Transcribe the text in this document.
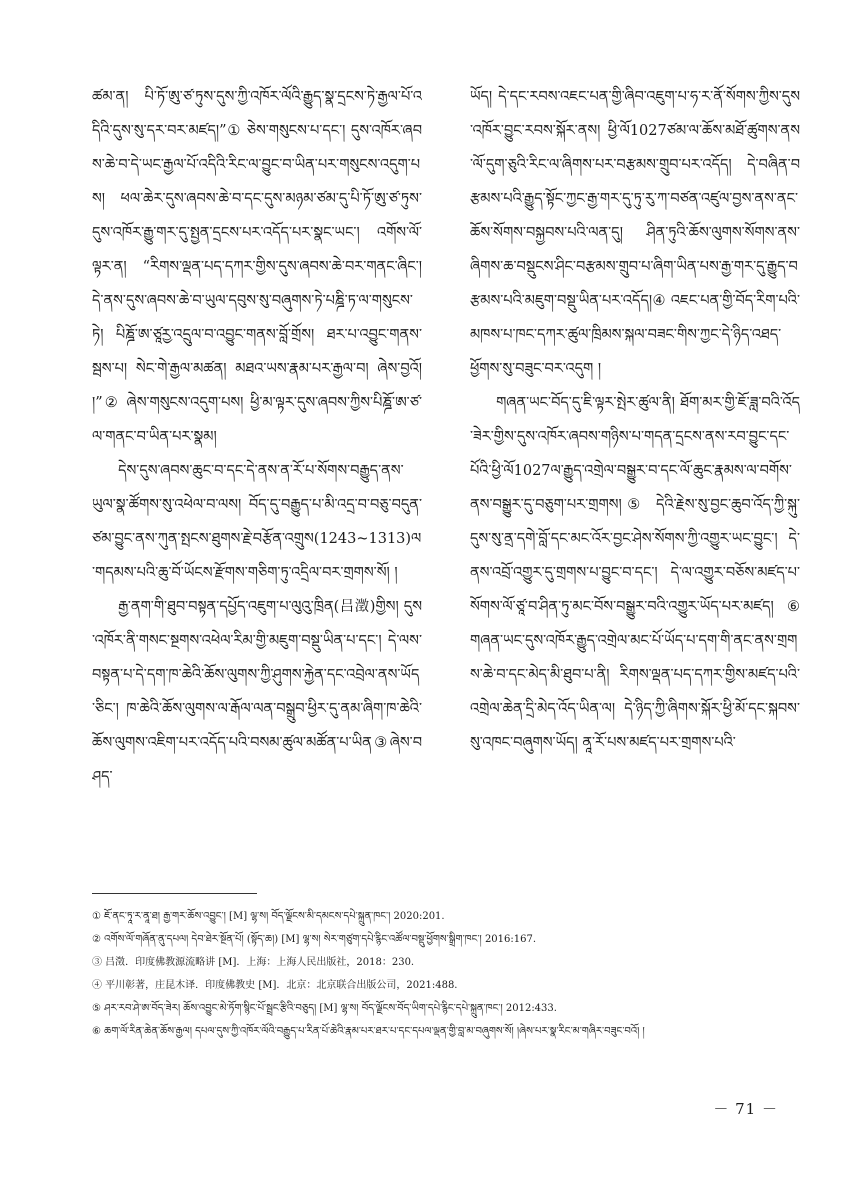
ཚམ་ན། པི་ཏོ་ཨུ་ཙ་ཏུས་དུས་ཀྱི་འཁོར་ལོའི་རྒྱུད་སྣ་དྲངས་ཏེ་རྒྱལ་པོ་འདིའི་དུས་སུ་དར་བར་མཛད།”① ཅེས་གསུངས་པ་དང་། དུས་འཁོར་ཞབས་ཆེ་བ་དེ་ཡང་རྒྱལ་པོ་འདིའི་རིང་ལ་བྱུང་བ་ཡིན་པར་གསུངས་འདུག་པས། ཕལ་ཆེར་དུས་ཞབས་ཆེ་བ་དང་དུས་མཉམ་ཙམ་དུ་པི་ཏོ་ཨུ་ཙ་ཏུས་དུས་འཁོར་རྒྱུ་གར་དུ་སྤྱན་དྲངས་པར་འདོད་པར་སྣང་ཡང་། འགོས་ལོ་ལྟར་ན། “རིགས་ལྡན་པད་དཀར་གྱིས་དུས་ཞབས་ཆེ་བར་གནང་ཞིང་། དེ་ནས་དུས་ཞབས་ཆེ་བ་ཡུལ་དབུས་སུ་བཞུགས་ཏེ་པཎྜི་ཏ་ལ་གསུངས་ཏེ། པིཎྜོ་ཨ་ཙཱཪྱ་འདྲུལ་བ་འབྱུང་གནས་བློ་གྲོས། ཐར་པ་འབྱུང་གནས་སྦས་པ། སེང་གེ་རྒྱལ་མཚན། མཐའ་ཡས་རྣམ་པར་རྒྱལ་བ། ཞེས་བྱའོ། །”② ཞེས་གསུངས་འདུག་པས། ཕྱི་མ་ལྟར་དུས་ཞབས་ཀྱིས་པིཎྜོ་ཨ་ཙ་ལ་གནང་བ་ཡིན་པར་སྣམ།

དེས་དུས་ཞབས་ཆུང་བ་དང་དེ་ནས་ན་རོ་པ་སོགས་བརྒྱུད་ནས་ཡུལ་སྣ་ཚོགས་སུ་འཕེལ་བ་ལས། བོད་དུ་བརྒྱུད་པ་མི་འདྲ་བ་བཅུ་བདུན་ཙམ་བྱུང་ནས་ཀུན་སྤངས་ཐུགས་རྗེ་བརྩོན་འགྲུས(1243~1313)ལ་གདམས་པའི་ཆུ་བོ་ཡོངས་རྫོགས་གཅིག་ཏུ་འདྲིལ་བར་གྲགས་སོ། །

རྒྱ་ནག་གི་ཐུབ་བསྟན་དཔྱོད་འཇུག་པ་ལུའུ་ཁྲིན(吕澂)གྱིས། དུས་འཁོར་ནི་གསང་སྔགས་འཕེལ་རིམ་གྱི་མཇུག་བསྡུ་ཡིན་པ་དང་། དེ་ལས་བསྟན་པ་དེ་དག་ཁ་ཆེའི་ཆོས་ལུགས་ཀྱི་ཤུགས་རྐྱེན་དང་འབྲེལ་ནས་ཡོད་ཅིང་། ཁ་ཆེའི་ཆོས་ལུགས་ལ་རྒོལ་ལན་བསྒྲུབ་ཕྱིར་དུ་ནམ་ཞིག་ཁ་ཆེའི་ཆོས་ལུགས་འཇིག་པར་འདོད་པའི་བསམ་ཚུལ་མཚོན་པ་ཡིན③ཞེས་བཤད་

ཡོད། དེ་དང་རབས་འཇང་པན་གྱི་ཞིབ་འཇུག་པ་ཧ་ར་ནོ་སོགས་ཀྱིས་དུས་འཁོར་བྱུང་རབས་སྐོར་ནས། ཕྱི་ལོ1027ཙམ་ལ་ཆོས་མཐོ་ཚུགས་ནས་ལོ་དུག་ཅུའི་རིང་ལ་ཞིགས་པར་བརྩམས་གྲུབ་པར་འདོད། དེ་བཞིན་བརྩམས་པའི་རྒྱུད་སྟོང་ཀྱང་རྒྱ་གར་དུ་ཏུ་རུ་ཀ་བཙན་འཛུལ་བྱས་ནས་ནང་ཆོས་སོགས་བསྐྱབས་པའི་ལན་དུ། ཤིན་ཏུའི་ཆོས་ལུགས་སོགས་ནས་ཞིགས་ཆ་བསྡུངས་ཤིང་བརྩམས་གྲུབ་པ་ཞིག་ཡིན་པས་རྒྱ་གར་དུ་རྒྱུད་བརྩམས་པའི་མཇུག་བསྡུ་ཡིན་པར་འདོད།④ འཇང་པན་གྱི་བོད་རིག་པའི་མཁས་པ་ཁང་དཀར་ཚུལ་ཁྲིམས་སྐལ་བཟང་གིས་ཀྱང་དེ་ཉིད་འཐད་ཕྱོགས་སུ་བཟུང་བར་འདུག །

གཞན་ཡང་བོད་དུ་ཇི་ལྟར་སྤེར་ཚུལ་ནི། ཐོག་མར་གྱི་ཇོ་ཟླ་བའི་འོད་ཟེར་གྱིས་དུས་འཁོར་ཞབས་གཉིས་པ་གདན་དྲངས་ནས་རབ་བྱུང་དང་པོའི་ཕྱི་ལོ1027ལ་རྒྱུད་འགྲེལ་བསྒྱུར་བ་དང་ལོ་ཆུང་རྣམས་ལ་བགོས་ནས་བསྒྱུར་དུ་བཅུག་པར་གྲགས།⑤ དེའི་རྗེས་སུ་བྱང་ཆུབ་འོད་ཀྱི་སྐུ་དུས་སུ་ནྲ་དགེ་བློ་དང་མང་འོར་བྱང་ཤེས་སོགས་ཀྱི་འགྱུར་ཡང་བྱུང་། དེ་ནས་འབྲོ་འགྱུར་དུ་གྲགས་པ་བྱུང་བ་དང་། དེ་ལ་འགྱུར་བཅོས་མཛད་པ་སོགས་ལོ་ཙཱ་བ་ཤིན་ཏུ་མང་བོས་བསྒྱུར་བའི་འགྱུར་ཡོད་པར་མཛད།⑥ གཞན་ཡང་དུས་འཁོར་རྒྱུད་འགྲེལ་མང་པོ་ཡོད་པ་དག་གི་ནང་ནས་གྲགས་ཆེ་བ་དང་མེད་མི་ཐུབ་པ་ནི། རིགས་ལྡན་པད་དཀར་གྱིས་མཛད་པའི་འགྲེལ་ཆེན་དྲི་མེད་འོད་ཡིན་ལ། དེ་ཉིད་ཀྱི་ཞིགས་སྐོར་ཕྱི་མོ་དང་སྐབས་སུ་འཁང་བཞུགས་ཡོད། ནཱ་རོ་པས་མཛད་པར་གྲགས་པའི་

① ཇོ་ནང་ཏཱ་ར་ནཱ་ཐ། རྒྱ་གར་ཆོས་འབྱུང་། [M] ལྷ་ས། བོད་ལྗོངས་མི་དམངས་དཔེ་སྐྲུན་ཁང་། 2020:201.

② འགོས་ལོ་གཞོན་ནུ་དཔལ། དེབ་ཐེར་སྔོན་པོ། (སྟོད་ཆ།) [M] ལྷ་ས། སེར་གཙུག་དཔེ་རྙིང་འཚོལ་བསྡུ་ཕྱོགས་སྒྲིག་ཁང་། 2016:167.

③ 吕澂．印度佛教源流略讲 [M]．上海：上海人民出版社，2018：230.

④ 平川彰著，庄昆木译．印度佛教史 [M]．北京：北京联合出版公司，2021:488.

⑤ ཤར་རབ་ཤེ་ཨ་བོད་ཟེར། ཆོས་འབྱུང་མེ་ཏོག་སྙིང་པོ་སྦྲང་རྩིའི་བཅུད། [M] ལྷ་ས། བོད་ལྗོངས་བོད་ཡིག་དཔེ་རྙིང་དཔེ་སྐྲུན་ཁང་། 2012:433.

⑥ ཆག་ལོ་རིན་ཆེན་ཆོས་རྒྱལ། དཔལ་དུས་ཀྱི་འཁོར་ལོའི་བརྒྱུད་པ་རིན་པོ་ཆེའི་རྣམ་པར་ཐར་པ་དང་དཔལ་ལྡན་གྱི་བླ་མ་བཞུགས་སོ། །ཞེས་པར་སྣ་རིང་མ་གཞིར་བཟུང་བའོ། །

－ 71 －
